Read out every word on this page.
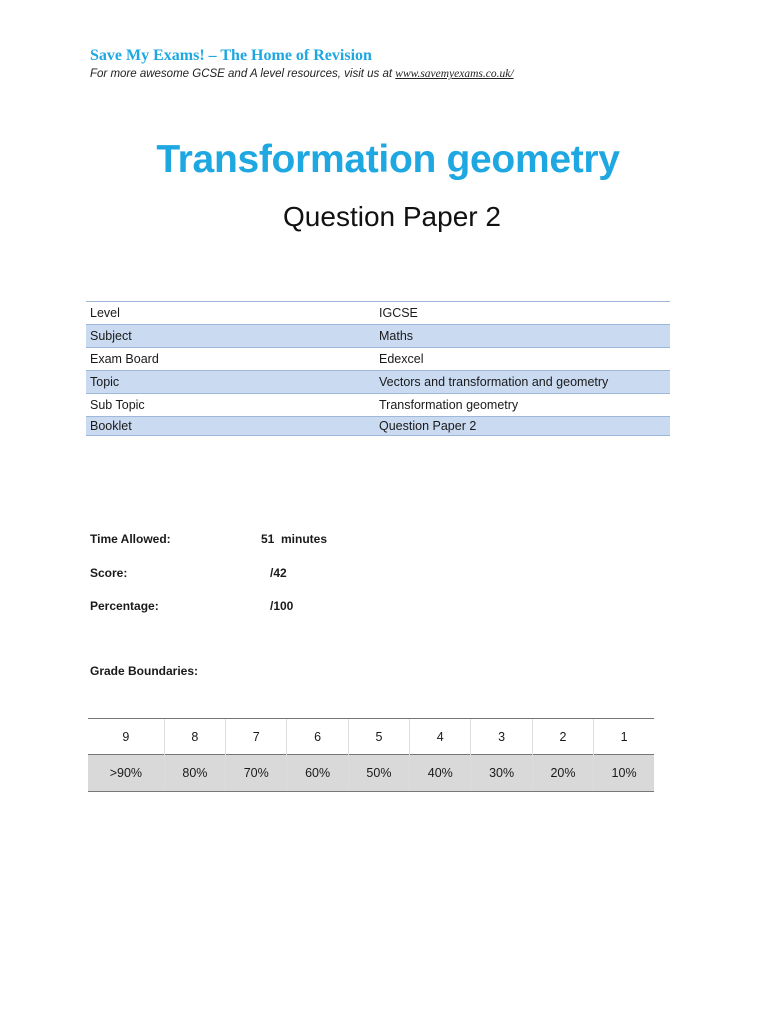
Save My Exams! – The Home of Revision
For more awesome GCSE and A level resources, visit us at www.savemyexams.co.uk/
Transformation geometry
Question Paper 2
Level	IGCSE
Subject	Maths
Exam Board	Edexcel
Topic	Vectors and transformation and geometry
Sub Topic	Transformation geometry
Booklet	Question Paper 2
Time Allowed:	51  minutes
Score:	/42
Percentage:	/100
Grade Boundaries:
9	8	7	6	5	4	3	2	1
>90%	80%	70%	60%	50%	40%	30%	20%	10%
